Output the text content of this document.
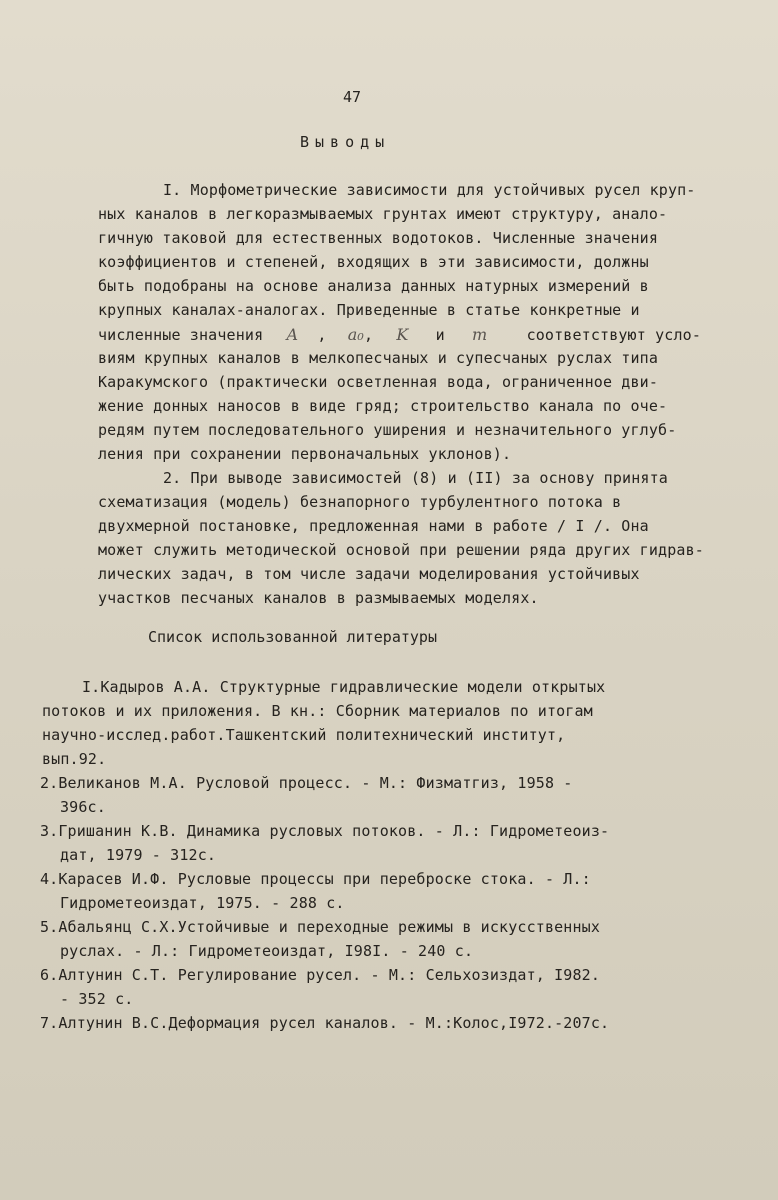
47
Выводы
I. Морфометрические зависимости для устойчивых русел круп-
ных каналов в легкоразмываемых грунтах имеют структуру, анало-
гичную таковой для естественных водотоков. Численные значения
коэффициентов и степеней, входящих в эти зависимости, должны
быть подобраны на основе анализа данных натурных измерений в
крупных каналах-аналогах. Приведенные в статье конкретные и
численные значения A , a₀, K и m	соответствуют усло-
виям крупных каналов в мелкопесчаных и супесчаных руслах типа
Каракумского (практически осветленная вода, ограниченное дви-
жение донных наносов в виде гряд; строительство канала по оче-
редям путем последовательного уширения и незначительного углуб-
ления при сохранении первоначальных уклонов).
2. При выводе зависимостей (8) и (II) за основу принята
схематизация (модель) безнапорного турбулентного потока в
двухмерной постановке, предложенная нами в работе / I /. Она
может служить методической основой при решении ряда других гидрав-
лических задач, в том числе задачи моделирования устойчивых
участков песчаных каналов в размываемых моделях.
Список использованной литературы
I.Кадыров А.А. Структурные гидравлические модели открытых
потоков и их приложения. В кн.: Сборник материалов по итогам
научно-исслед.работ.Ташкентский политехнический институт,
вып.92.
2.Великанов М.А. Русловой процесс. - М.: Физматгиз, 1958 -
396с.
3.Гришанин К.В. Динамика русловых потоков. - Л.: Гидрометеоиз-
дат, 1979 - 312с.
4.Карасев И.Ф. Русловые процессы при переброске стока. - Л.:
Гидрометеоиздат, 1975. - 288 с.
5.Абальянц С.Х.Устойчивые и переходные режимы в искусственных
руслах. - Л.: Гидрометеоиздат, I98I. - 240 с.
6.Алтунин С.Т. Регулирование русел. - М.: Сельхозиздат, I982.
- 352 с.
7.Алтунин В.С.Деформация русел каналов. - М.:Колос,I972.-207с.
